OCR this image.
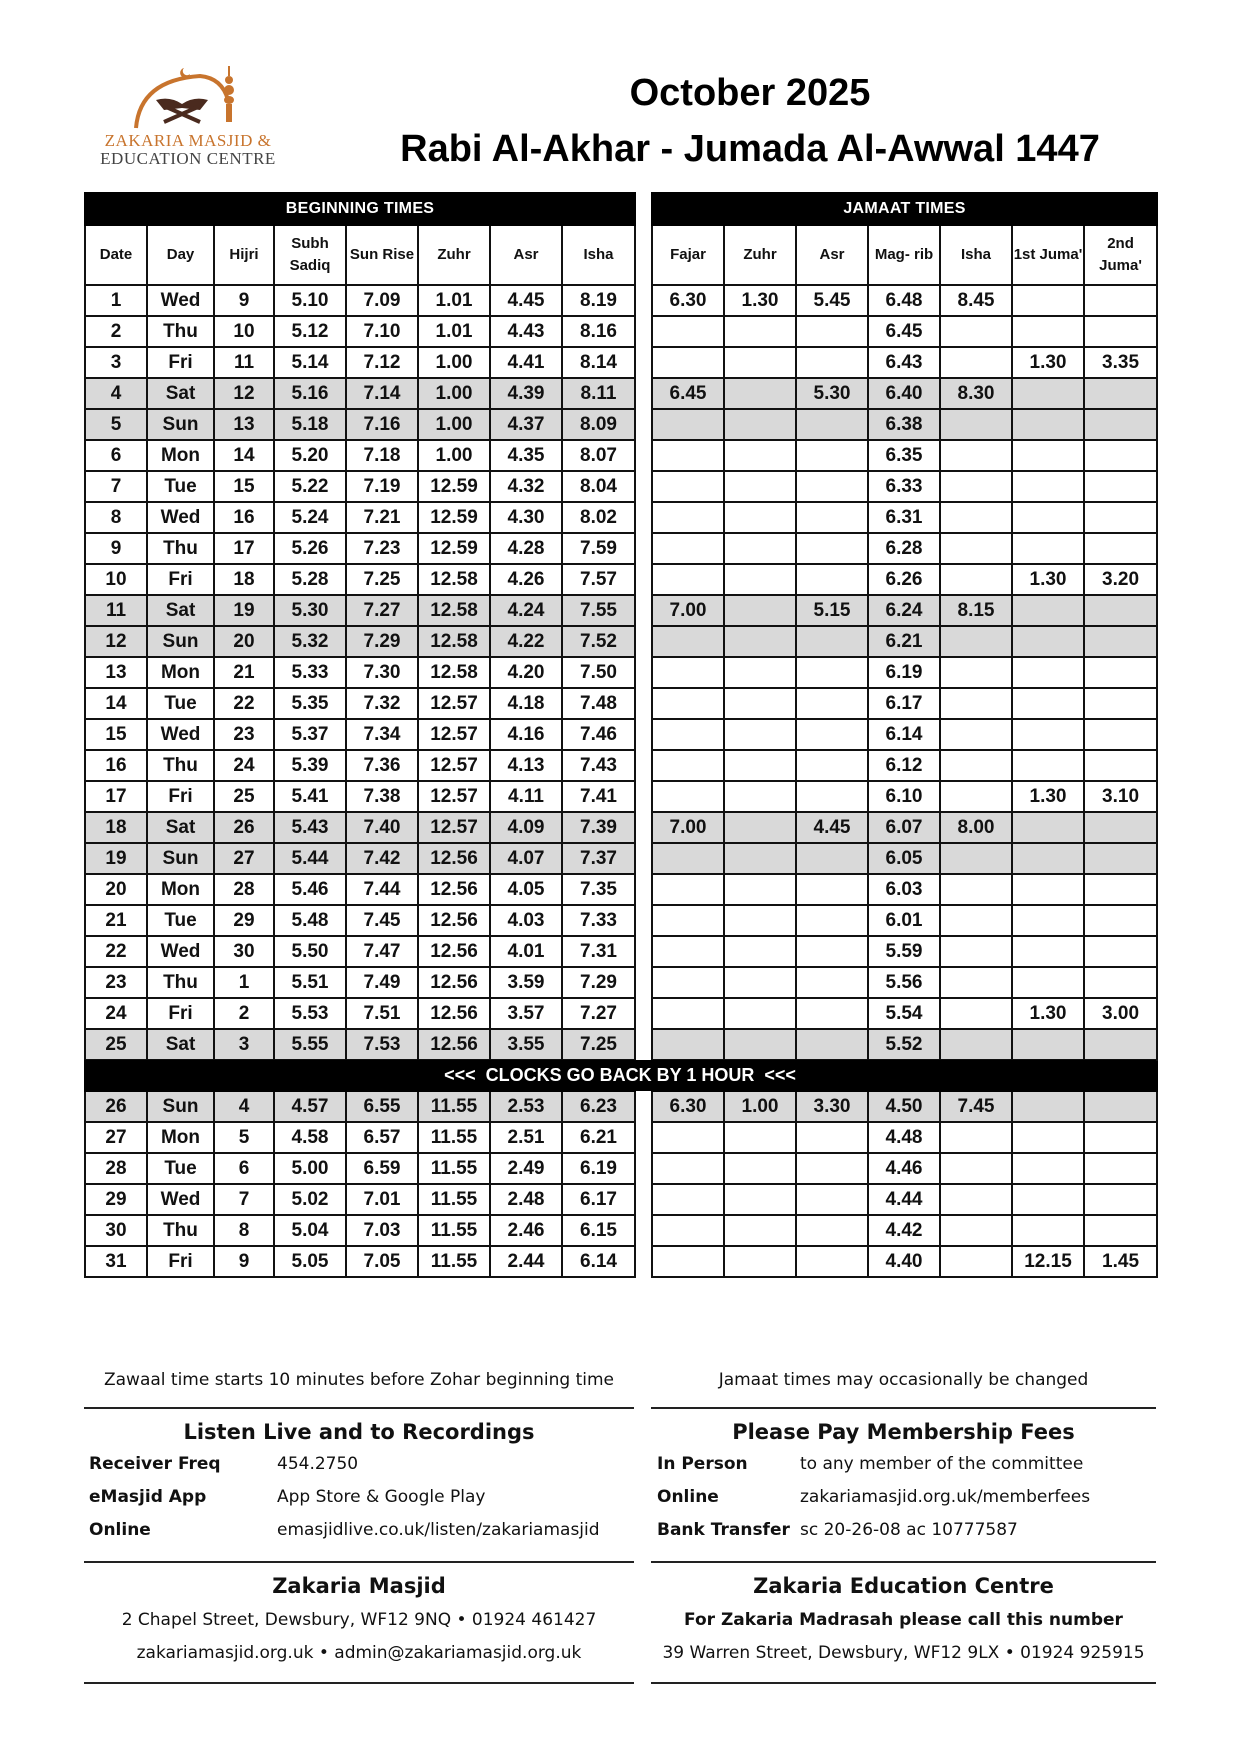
ZAKARIA MASJID &
EDUCATION CENTRE
October 2025
Rabi Al-Akhar - Jumada Al-Awwal 1447
BEGINNING TIMES							
Date	Day	Hijri	Subh Sadiq	Sun Rise	Zuhr	Asr	Isha
1	Wed	9	5.10	7.09	1.01	4.45	8.19
2	Thu	10	5.12	7.10	1.01	4.43	8.16
3	Fri	11	5.14	7.12	1.00	4.41	8.14
4	Sat	12	5.16	7.14	1.00	4.39	8.11
5	Sun	13	5.18	7.16	1.00	4.37	8.09
6	Mon	14	5.20	7.18	1.00	4.35	8.07
7	Tue	15	5.22	7.19	12.59	4.32	8.04
8	Wed	16	5.24	7.21	12.59	4.30	8.02
9	Thu	17	5.26	7.23	12.59	4.28	7.59
10	Fri	18	5.28	7.25	12.58	4.26	7.57
11	Sat	19	5.30	7.27	12.58	4.24	7.55
12	Sun	20	5.32	7.29	12.58	4.22	7.52
13	Mon	21	5.33	7.30	12.58	4.20	7.50
14	Tue	22	5.35	7.32	12.57	4.18	7.48
15	Wed	23	5.37	7.34	12.57	4.16	7.46
16	Thu	24	5.39	7.36	12.57	4.13	7.43
17	Fri	25	5.41	7.38	12.57	4.11	7.41
18	Sat	26	5.43	7.40	12.57	4.09	7.39
19	Sun	27	5.44	7.42	12.56	4.07	7.37
20	Mon	28	5.46	7.44	12.56	4.05	7.35
21	Tue	29	5.48	7.45	12.56	4.03	7.33
22	Wed	30	5.50	7.47	12.56	4.01	7.31
23	Thu	1	5.51	7.49	12.56	3.59	7.29
24	Fri	2	5.53	7.51	12.56	3.57	7.27
25	Sat	3	5.55	7.53	12.56	3.55	7.25

26	Sun	4	4.57	6.55	11.55	2.53	6.23
27	Mon	5	4.58	6.57	11.55	2.51	6.21
28	Tue	6	5.00	6.59	11.55	2.49	6.19
29	Wed	7	5.02	7.01	11.55	2.48	6.17
30	Thu	8	5.04	7.03	11.55	2.46	6.15
31	Fri	9	5.05	7.05	11.55	2.44	6.14
JAMAAT TIMES						
Fajar	Zuhr	Asr	Mag- rib	Isha	1st Juma'	2nd Juma'
6.30	1.30	5.45	6.48	8.45		
			6.45			
			6.43		1.30	3.35
6.45		5.30	6.40	8.30		
			6.38			
			6.35			
			6.33			
			6.31			
			6.28			
			6.26		1.30	3.20
7.00		5.15	6.24	8.15		
			6.21			
			6.19			
			6.17			
			6.14			
			6.12			
			6.10		1.30	3.10
7.00		4.45	6.07	8.00		
			6.05			
			6.03			
			6.01			
			5.59			
			5.56			
			5.54		1.30	3.00
			5.52			

6.30	1.00	3.30	4.50	7.45		
			4.48			
			4.46			
			4.44			
			4.42			
			4.40		12.15	1.45
Zawaal time starts 10 minutes before Zohar beginning time	Jamaat times may occasionally be changed
Listen Live and to Recordings
Receiver Freq	454.2750
eMasjid App	App Store & Google Play
Online	emasjidlive.co.uk/listen/zakariamasjid
Please Pay Membership Fees
In Person	to any member of the committee
Online	zakariamasjid.org.uk/memberfees
Bank Transfer sc 20-26-08 ac 10777587
Zakaria Masjid
2 Chapel Street, Dewsbury, WF12 9NQ • 01924 461427
zakariamasjid.org.uk • admin@zakariamasjid.org.uk
Zakaria Education Centre
For Zakaria Madrasah please call this number
39 Warren Street, Dewsbury, WF12 9LX • 01924 925915
<<<  CLOCKS GO BACK BY 1 HOUR  <<<
